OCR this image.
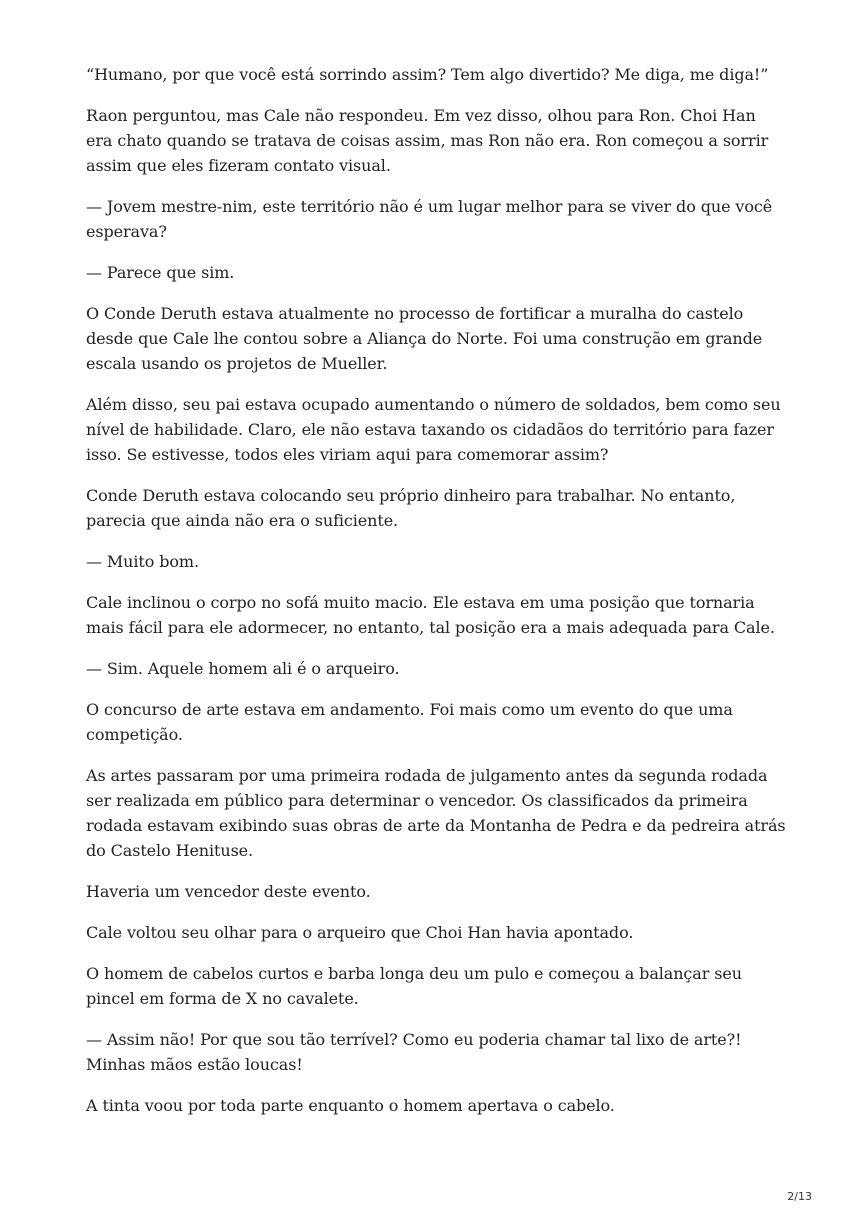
“Humano, por que você está sorrindo assim? Tem algo divertido? Me diga, me diga!”

Raon perguntou, mas Cale não respondeu. Em vez disso, olhou para Ron. Choi Han era chato quando se tratava de coisas assim, mas Ron não era. Ron começou a sorrir assim que eles fizeram contato visual.

— Jovem mestre-nim, este território não é um lugar melhor para se viver do que você esperava?

— Parece que sim.

O Conde Deruth estava atualmente no processo de fortificar a muralha do castelo desde que Cale lhe contou sobre a Aliança do Norte. Foi uma construção em grande escala usando os projetos de Mueller.

Além disso, seu pai estava ocupado aumentando o número de soldados, bem como seu nível de habilidade. Claro, ele não estava taxando os cidadãos do território para fazer isso. Se estivesse, todos eles viriam aqui para comemorar assim?

Conde Deruth estava colocando seu próprio dinheiro para trabalhar. No entanto, parecia que ainda não era o suficiente.

— Muito bom.

Cale inclinou o corpo no sofá muito macio. Ele estava em uma posição que tornaria mais fácil para ele adormecer, no entanto, tal posição era a mais adequada para Cale.

— Sim. Aquele homem ali é o arqueiro.

O concurso de arte estava em andamento. Foi mais como um evento do que uma competição.

As artes passaram por uma primeira rodada de julgamento antes da segunda rodada ser realizada em público para determinar o vencedor. Os classificados da primeira rodada estavam exibindo suas obras de arte da Montanha de Pedra e da pedreira atrás do Castelo Henituse.

Haveria um vencedor deste evento.

Cale voltou seu olhar para o arqueiro que Choi Han havia apontado.

O homem de cabelos curtos e barba longa deu um pulo e começou a balançar seu pincel em forma de X no cavalete.

— Assim não! Por que sou tão terrível? Como eu poderia chamar tal lixo de arte?! Minhas mãos estão loucas!

A tinta voou por toda parte enquanto o homem apertava o cabelo.

2/13
